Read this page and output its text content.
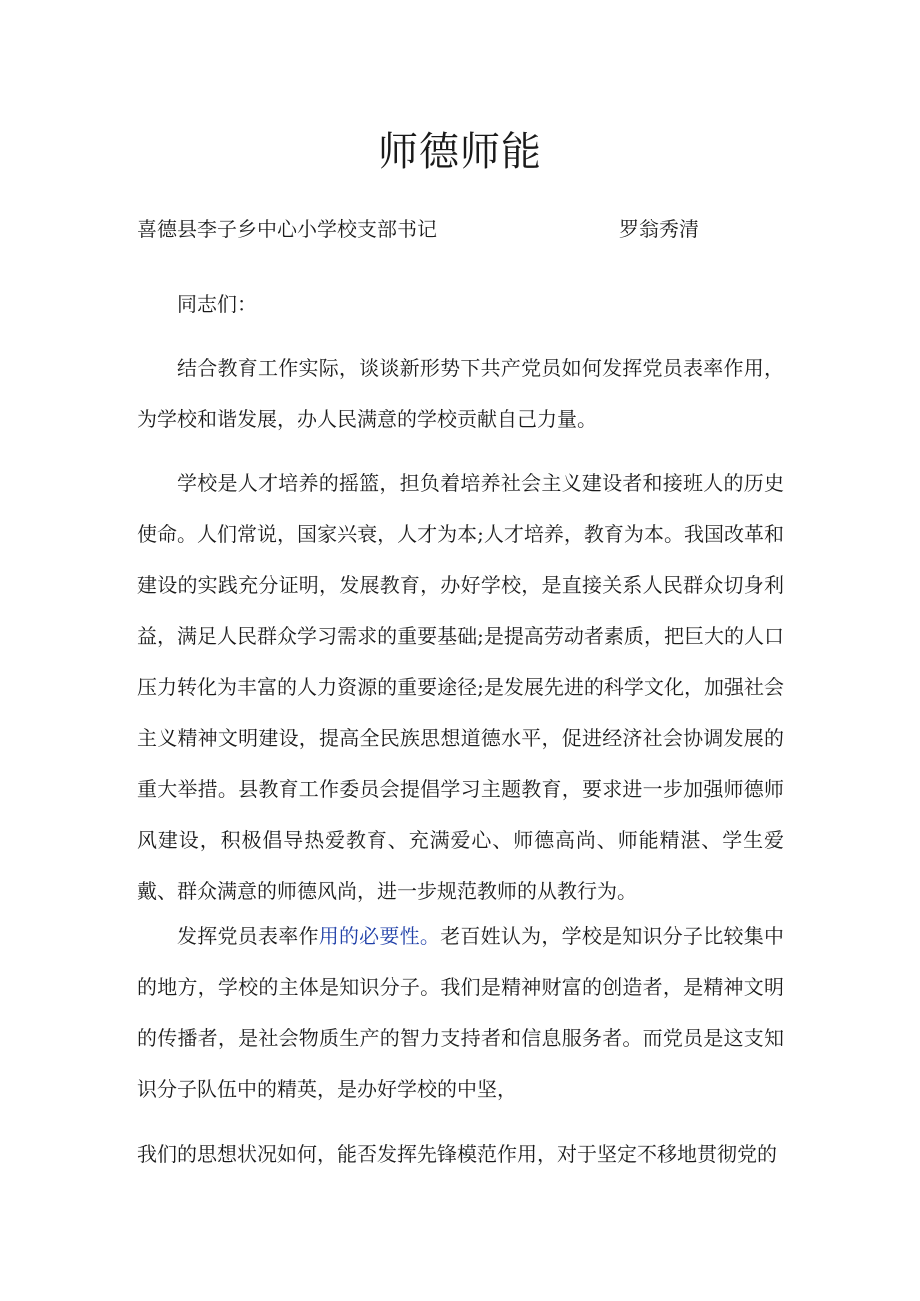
师德师能
喜德县李子乡中心小学校支部书记	罗翁秀清

同志们：

结合教育工作实际，谈谈新形势下共产党员如何发挥党员表率作用，为学校和谐发展，办人民满意的学校贡献自己力量。

学校是人才培养的摇篮，担负着培养社会主义建设者和接班人的历史使命。人们常说，国家兴衰，人才为本;人才培养，教育为本。我国改革和建设的实践充分证明，发展教育，办好学校，是直接关系人民群众切身利益，满足人民群众学习需求的重要基础;是提高劳动者素质，把巨大的人口压力转化为丰富的人力资源的重要途径;是发展先进的科学文化，加强社会主义精神文明建设，提高全民族思想道德水平，促进经济社会协调发展的重大举措。县教育工作委员会提倡学习主题教育，要求进一步加强师德师风建设，积极倡导热爱教育、充满爱心、师德高尚、师能精湛、学生爱戴、群众满意的师德风尚，进一步规范教师的从教行为。

发挥党员表率作用的必要性。老百姓认为，学校是知识分子比较集中的地方，学校的主体是知识分子。我们是精神财富的创造者，是精神文明的传播者，是社会物质生产的智力支持者和信息服务者。而党员是这支知识分子队伍中的精英，是办好学校的中坚，

我们的思想状况如何，能否发挥先锋模范作用，对于坚定不移地贯彻党的
